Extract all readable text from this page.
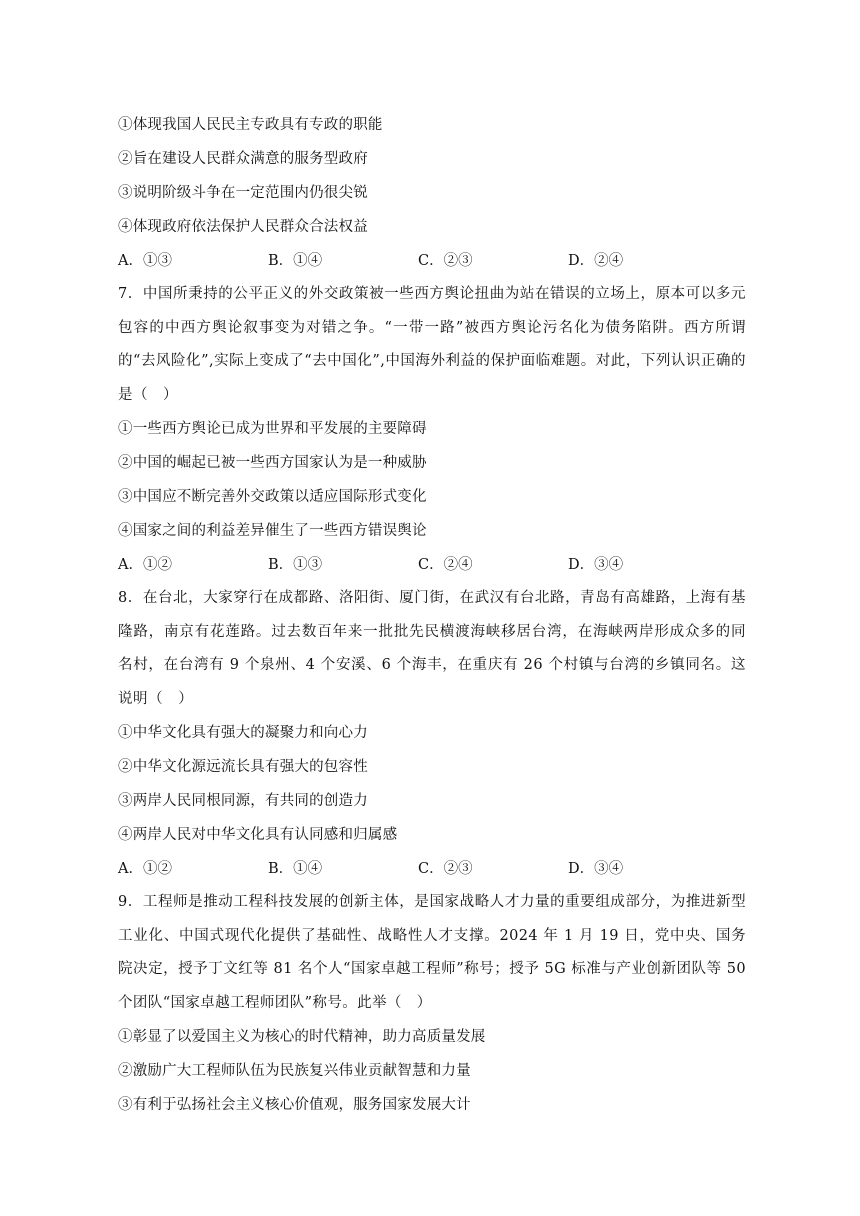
①体现我国人民民主专政具有专政的职能
②旨在建设人民群众满意的服务型政府
③说明阶级斗争在一定范围内仍很尖锐
④体现政府依法保护人民群众合法权益
A．①③	B．①④	C．②③	D．②④
7．中国所秉持的公平正义的外交政策被一些西方舆论扭曲为站在错误的立场上，原本可以多元包容的中西方舆论叙事变为对错之争。“一带一路”被西方舆论污名化为债务陷阱。西方所谓的“去风险化”,实际上变成了“去中国化”,中国海外利益的保护面临难题。对此，下列认识正确的是（　）
①一些西方舆论已成为世界和平发展的主要障碍
②中国的崛起已被一些西方国家认为是一种威胁
③中国应不断完善外交政策以适应国际形式变化
④国家之间的利益差异催生了一些西方错误舆论
A．①②	B．①③	C．②④	D．③④
8．在台北，大家穿行在成都路、洛阳街、厦门街，在武汉有台北路，青岛有高雄路，上海有基隆路，南京有花莲路。过去数百年来一批批先民横渡海峡移居台湾，在海峡两岸形成众多的同名村，在台湾有 9 个泉州、4 个安溪、6 个海丰，在重庆有 26 个村镇与台湾的乡镇同名。这说明（　）
①中华文化具有强大的凝聚力和向心力
②中华文化源远流长具有强大的包容性
③两岸人民同根同源，有共同的创造力
④两岸人民对中华文化具有认同感和归属感
A．①②	B．①④	C．②③	D．③④
9．工程师是推动工程科技发展的创新主体，是国家战略人才力量的重要组成部分，为推进新型工业化、中国式现代化提供了基础性、战略性人才支撑。2024 年 1 月 19 日，党中央、国务院决定，授予丁文红等 81 名个人“国家卓越工程师”称号；授予 5G 标准与产业创新团队等 50 个团队“国家卓越工程师团队”称号。此举（　）
①彰显了以爱国主义为核心的时代精神，助力高质量发展
②激励广大工程师队伍为民族复兴伟业贡献智慧和力量
③有利于弘扬社会主义核心价值观，服务国家发展大计
